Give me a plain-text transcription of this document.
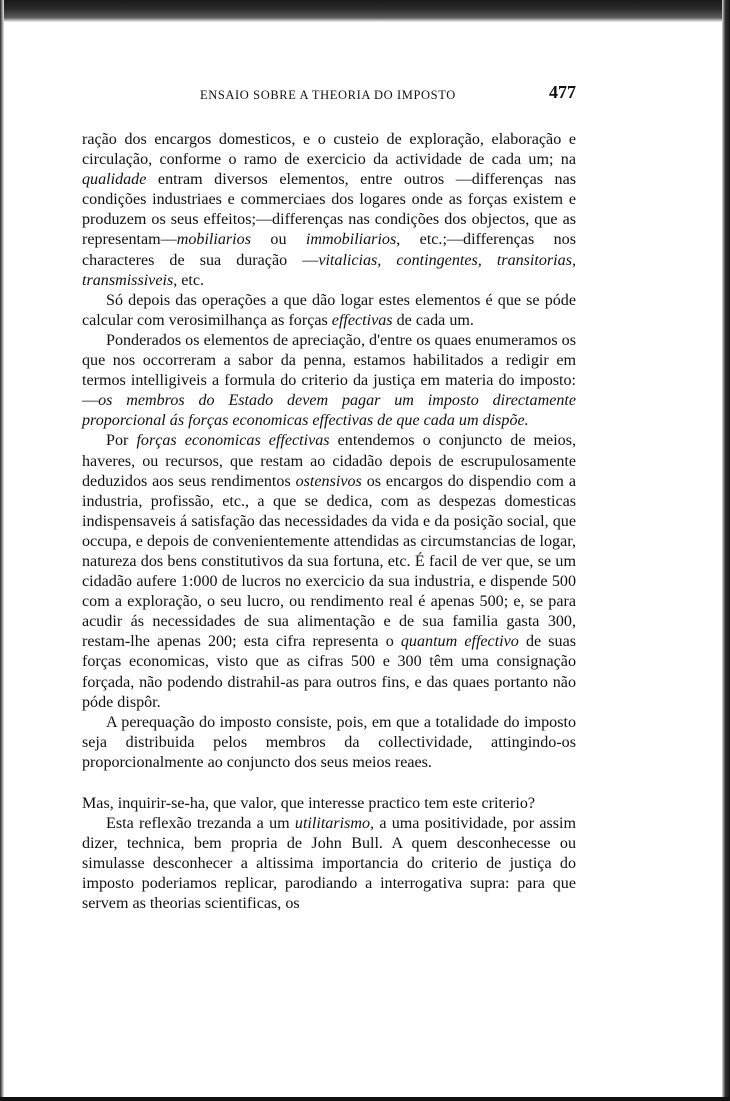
ENSAIO SOBRE A THEORIA DO IMPOSTO	477

ração dos encargos domesticos, e o custeio de exploração, elaboração e circulação, conforme o ramo de exercicio da actividade de cada um; na qualidade entram diversos elementos, entre outros —differenças nas condições industriaes e commerciaes dos logares onde as forças existem e produzem os seus effeitos;—differenças nas condições dos objectos, que as representam—mobiliarios ou immobiliarios, etc.;—differenças nos characteres de sua duração —vitalicias, contingentes, transitorias, transmissiveis, etc.

Só depois das operações a que dão logar estes elementos é que se póde calcular com verosimilhança as forças effectivas de cada um.

Ponderados os elementos de apreciação, d'entre os quaes enumeramos os que nos occorreram a sabor da penna, estamos habilitados a redigir em termos intelligiveis a formula do criterio da justiça em materia do imposto:—os membros do Estado devem pagar um imposto directamente proporcional ás forças economicas effectivas de que cada um dispõe.

Por forças economicas effectivas entendemos o conjuncto de meios, haveres, ou recursos, que restam ao cidadão depois de escrupulosamente deduzidos aos seus rendimentos ostensivos os encargos do dispendio com a industria, profissão, etc., a que se dedica, com as despezas domesticas indispensaveis á satisfação das necessidades da vida e da posição social, que occupa, e depois de convenientemente attendidas as circumstancias de logar, natureza dos bens constitutivos da sua fortuna, etc. É facil de ver que, se um cidadão aufere 1:000 de lucros no exercicio da sua industria, e dispende 500 com a exploração, o seu lucro, ou rendimento real é apenas 500; e, se para acudir ás necessidades de sua alimentação e de sua familia gasta 300, restam-lhe apenas 200; esta cifra representa o quantum effectivo de suas forças economicas, visto que as cifras 500 e 300 têm uma consignação forçada, não podendo distrahil-as para outros fins, e das quaes portanto não póde dispôr.

A perequação do imposto consiste, pois, em que a totalidade do imposto seja distribuida pelos membros da collectividade, attingindo-os proporcionalmente ao conjuncto dos seus meios reaes.

Mas, inquirir-se-ha, que valor, que interesse practico tem este criterio?

Esta reflexão trezanda a um utilitarismo, a uma positividade, por assim dizer, technica, bem propria de John Bull. A quem desconhecesse ou simulasse desconhecer a altissima importancia do criterio de justiça do imposto poderiamos replicar, parodiando a interrogativa supra: para que servem as theorias scientificas, os
